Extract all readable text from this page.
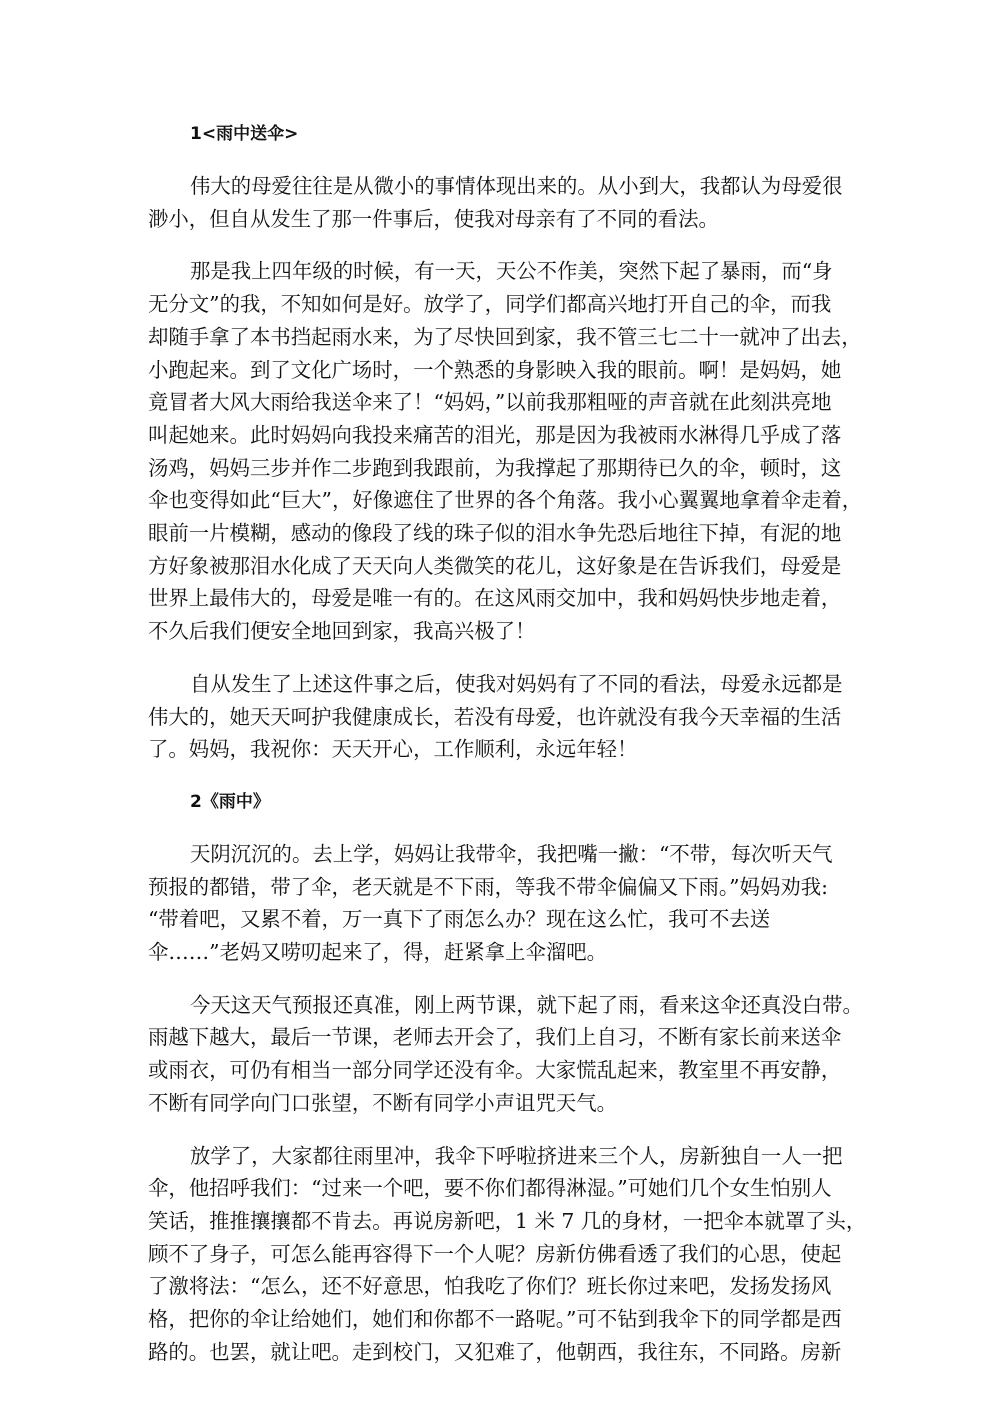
1<雨中送伞>
伟大的母爱往往是从微小的事情体现出来的。从小到大，我都认为母爱很
渺小，但自从发生了那一件事后，使我对母亲有了不同的看法。
那是我上四年级的时候，有一天，天公不作美，突然下起了暴雨，而“身
无分文”的我，不知如何是好。放学了，同学们都高兴地打开自己的伞，而我
却随手拿了本书挡起雨水来，为了尽快回到家，我不管三七二十一就冲了出去，
小跑起来。到了文化广场时，一个熟悉的身影映入我的眼前。啊！是妈妈，她
竟冒者大风大雨给我送伞来了！“妈妈，”以前我那粗哑的声音就在此刻洪亮地
叫起她来。此时妈妈向我投来痛苦的泪光，那是因为我被雨水淋得几乎成了落
汤鸡，妈妈三步并作二步跑到我跟前，为我撑起了那期待已久的伞，顿时，这
伞也变得如此“巨大”，好像遮住了世界的各个角落。我小心翼翼地拿着伞走着，
眼前一片模糊，感动的像段了线的珠子似的泪水争先恐后地往下掉，有泥的地
方好象被那泪水化成了天天向人类微笑的花儿，这好象是在告诉我们，母爱是
世界上最伟大的，母爱是唯一有的。在这风雨交加中，我和妈妈快步地走着，
不久后我们便安全地回到家，我高兴极了！
自从发生了上述这件事之后，使我对妈妈有了不同的看法，母爱永远都是
伟大的，她天天呵护我健康成长，若没有母爱，也许就没有我今天幸福的生活
了。妈妈，我祝你：天天开心，工作顺利，永远年轻！
2《雨中》
天阴沉沉的。去上学，妈妈让我带伞，我把嘴一撇：“不带，每次听天气
预报的都错，带了伞，老天就是不下雨，等我不带伞偏偏又下雨。”妈妈劝我:
“带着吧，又累不着，万一真下了雨怎么办？现在这么忙，我可不去送
伞……”老妈又唠叨起来了，得，赶紧拿上伞溜吧。
今天这天气预报还真准，刚上两节课，就下起了雨，看来这伞还真没白带。
雨越下越大，最后一节课，老师去开会了，我们上自习，不断有家长前来送伞
或雨衣，可仍有相当一部分同学还没有伞。大家慌乱起来，教室里不再安静，
不断有同学向门口张望，不断有同学小声诅咒天气。
放学了，大家都往雨里冲，我伞下呼啦挤进来三个人，房新独自一人一把
伞，他招呼我们：“过来一个吧，要不你们都得淋湿。”可她们几个女生怕别人
笑话，推推攘攘都不肯去。再说房新吧，1 米 7 几的身材，一把伞本就罩了头，
顾不了身子，可怎么能再容得下一个人呢？房新仿佛看透了我们的心思，使起
了激将法：“怎么，还不好意思，怕我吃了你们？班长你过来吧，发扬发扬风
格，把你的伞让给她们，她们和你都不一路呢。”可不钻到我伞下的同学都是西
路的。也罢，就让吧。走到校门，又犯难了，他朝西，我往东，不同路。房新
